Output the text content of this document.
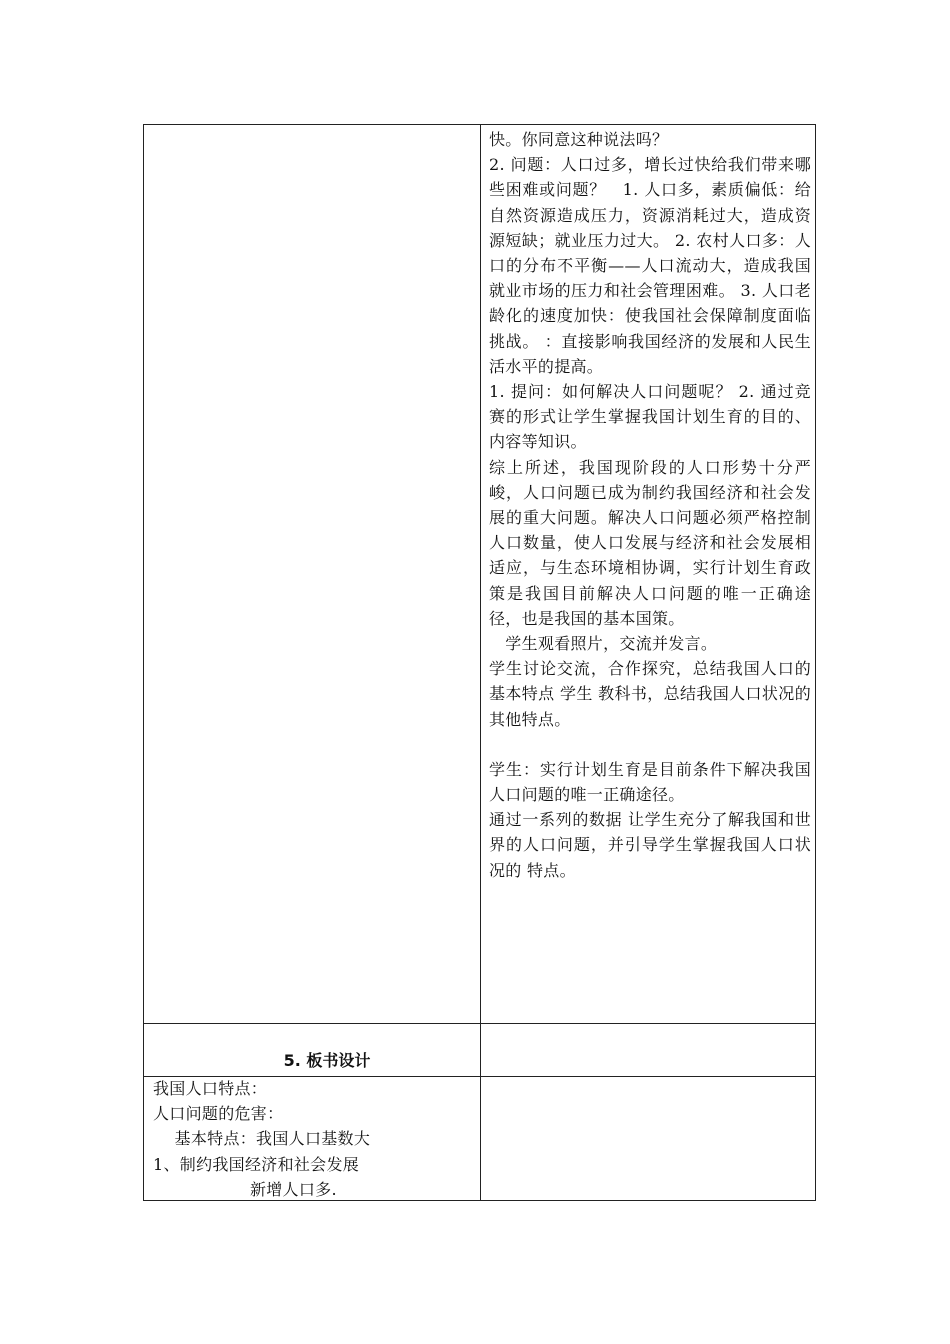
快。你同意这种说法吗？

2. 问题：人口过多，增长过快给我们带来哪些困难或问题？　1. 人口多，素质偏低：给自然资源造成压力，资源消耗过大，造成资源短缺；就业压力过大。 2. 农村人口多：人口的分布不平衡——人口流动大，造成我国就业市场的压力和社会管理困难。 3. 人口老龄化的速度加快：使我国社会保障制度面临挑战。 ：直接影响我国经济的发展和人民生活水平的提高。

1. 提问：如何解决人口问题呢？ 2. 通过竞赛的形式让学生掌握我国计划生育的目的、内容等知识。

综上所述，我国现阶段的人口形势十分严峻，人口问题已成为制约我国经济和社会发展的重大问题。解决人口问题必须严格控制人口数量，使人口发展与经济和社会发展相适应，与生态环境相协调，实行计划生育政策是我国目前解决人口问题的唯一正确途径，也是我国的基本国策。

　学生观看照片，交流并发言。

学生讨论交流，合作探究，总结我国人口的基本特点 学生 教科书，总结我国人口状况的其他特点。

学生：实行计划生育是目前条件下解决我国人口问题的唯一正确途径。

通过一系列的数据 让学生充分了解我国和世界的人口问题，并引导学生掌握我国人口状况的 特点。

5. 板书设计

我国人口特点：

人口问题的危害：

基本特点：我国人口基数大

1、制约我国经济和社会发展

新增人口多.
